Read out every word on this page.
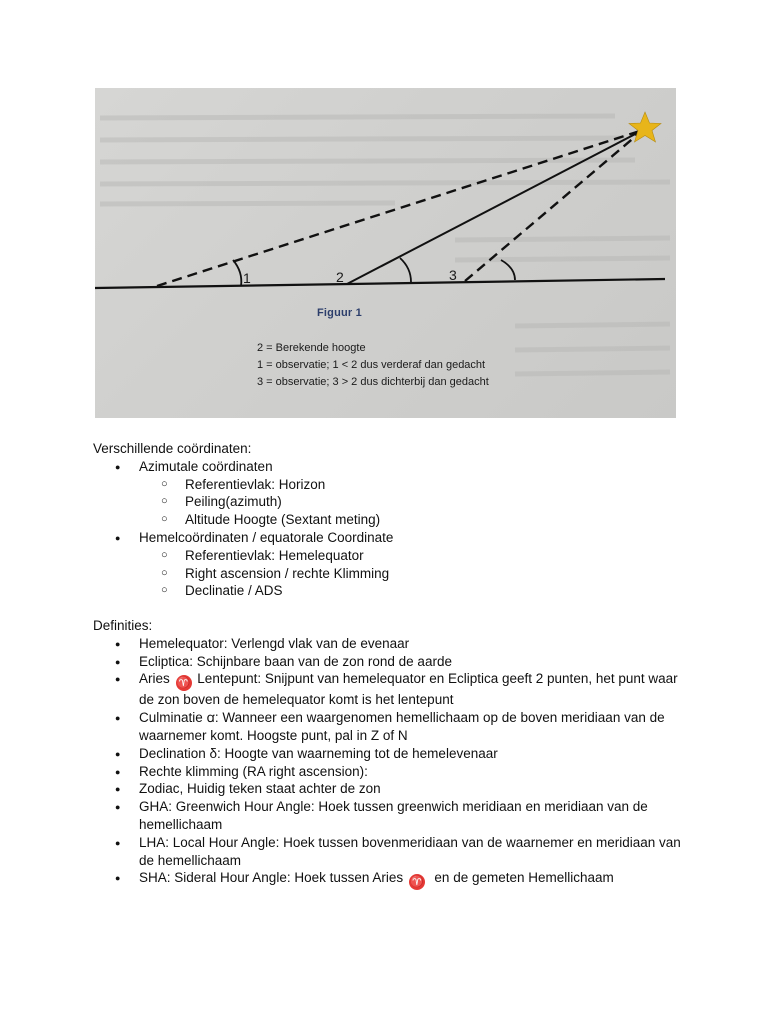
1	2	3
Figuur 1
2 = Berekende hoogte
1 = observatie; 1 < 2 dus verderaf dan gedacht
3 = observatie; 3 > 2 dus dichterbij dan gedacht
Verschillende coördinaten:
● Azimutale coördinaten
○ Referentievlak: Horizon
○ Peiling(azimuth)
○ Altitude Hoogte (Sextant meting)
● Hemelcoördinaten / equatorale Coordinate
○ Referentievlak: Hemelequator
○ Right ascension / rechte Klimming
○ Declinatie / ADS
Definities:
● Hemelequator: Verlengd vlak van de evenaar
● Ecliptica: Schijnbare baan van de zon rond de aarde
● Aries ♈ Lentepunt: Snijpunt van hemelequator en Ecliptica geeft 2 punten, het punt waar de zon boven de hemelequator komt is het lentepunt
● Culminatie ꭤ: Wanneer een waargenomen hemellichaam op de boven meridiaan van de waarnemer komt. Hoogste punt, pal in Z of N
● Declination δ: Hoogte van waarneming tot de hemelevenaar
● Rechte klimming (RA right ascension):
● Zodiac, Huidig teken staat achter de zon
● GHA: Greenwich Hour Angle: Hoek tussen greenwich meridiaan en meridiaan van de hemellichaam
● LHA: Local Hour Angle: Hoek tussen bovenmeridiaan van de waarnemer en meridiaan van de hemellichaam
● SHA: Sideral Hour Angle: Hoek tussen Aries ♈ en de gemeten Hemellichaam
